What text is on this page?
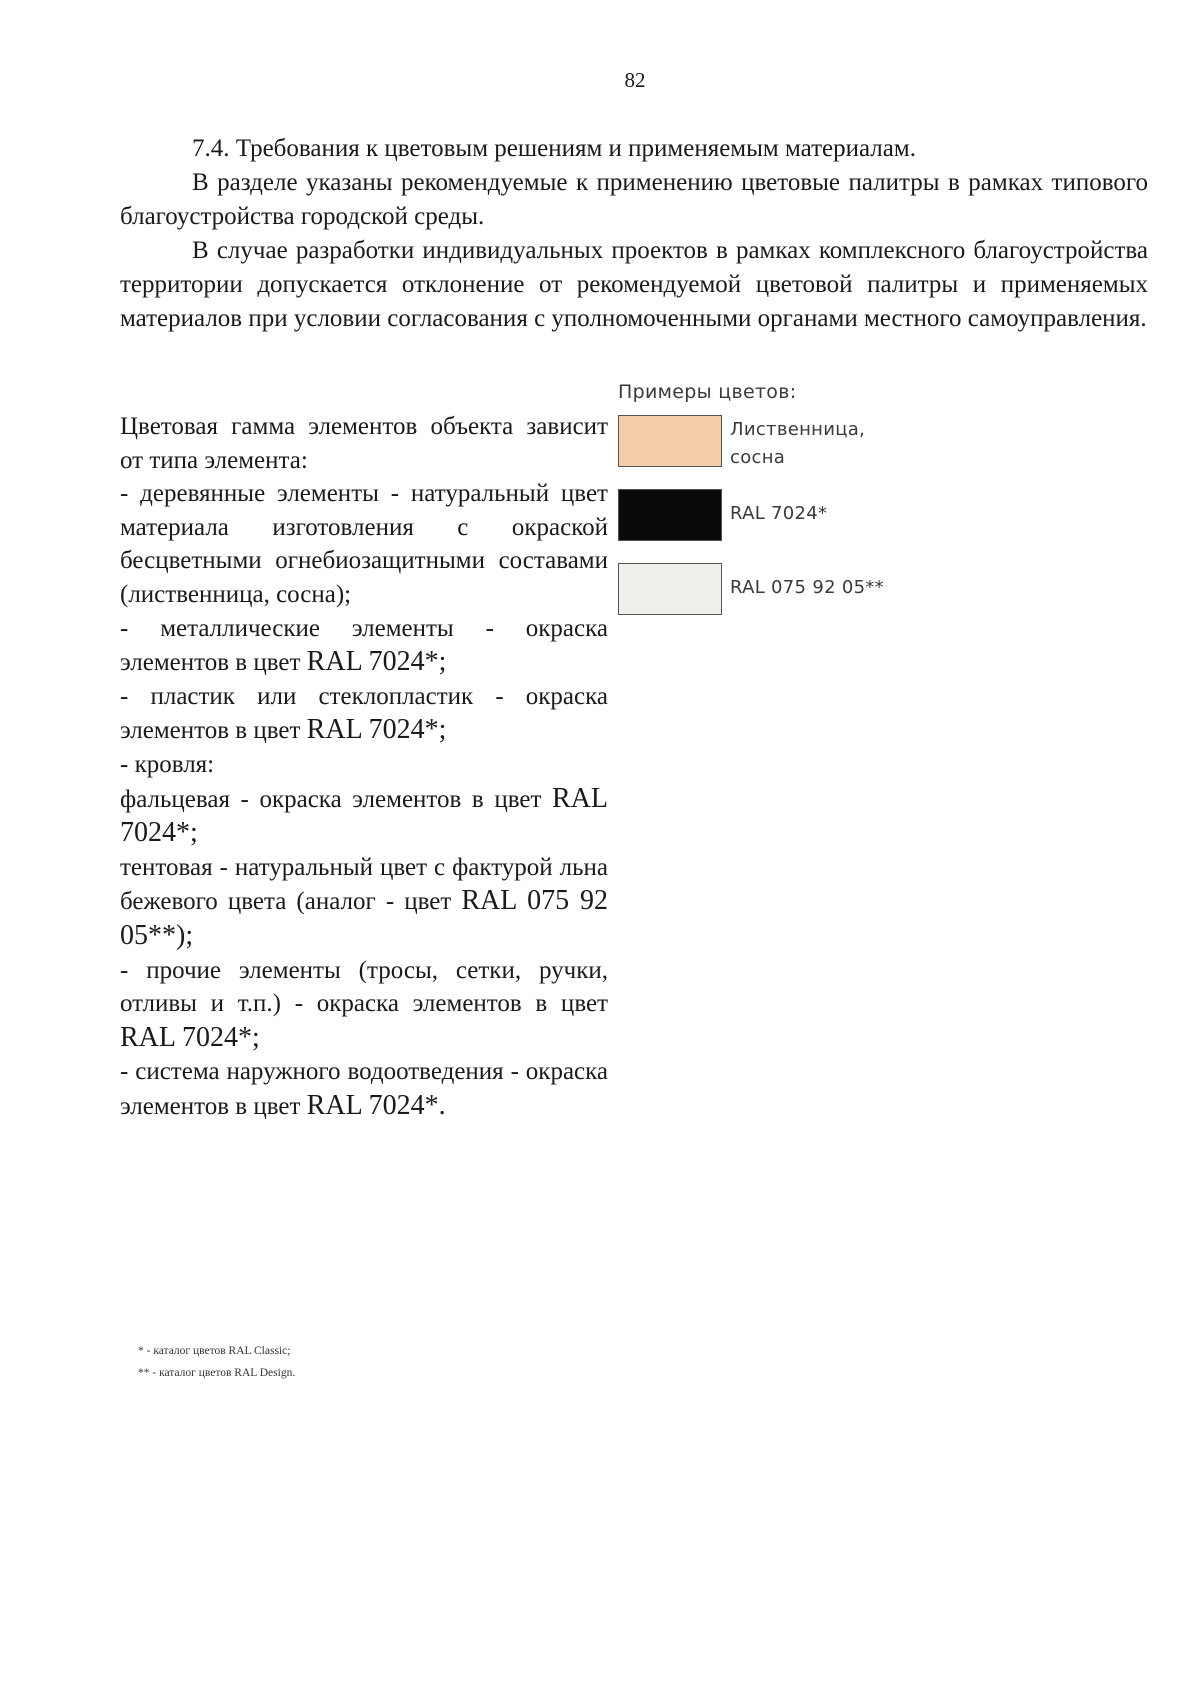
82

7.4. Требования к цветовым решениям и применяемым материалам.

В разделе указаны рекомендуемые к применению цветовые палитры в рамках типового благоустройства городской среды.

В случае разработки индивидуальных проектов в рамках комплексного благоустройства территории допускается отклонение от рекомендуемой цветовой палитры и применяемых материалов при условии согласования с уполномоченными органами местного самоуправления.

Цветовая гамма элементов объекта зависит от типа элемента:

- деревянные элементы - натуральный цвет материала изготовления с окраской бесцветными огнебиозащитными составами (лиственница, сосна);

- металлические элементы - окраска элементов в цвет RAL 7024*;

- пластик или стеклопластик - окраска элементов в цвет RAL 7024*;

- кровля:

фальцевая - окраска элементов в цвет RAL 7024*;

тентовая - натуральный цвет с фактурой льна бежевого цвета (аналог - цвет RAL 075 92 05**);

- прочие элементы (тросы, сетки, ручки, отливы и т.п.) - окраска элементов в цвет RAL 7024*;

- система наружного водоотведения - окраска элементов в цвет RAL 7024*.

Примеры цветов:
Лиственница,
сосна
RAL 7024*
RAL 075 92 05**
* - каталог цветов RAL Classic;
** - каталог цветов RAL Design.
